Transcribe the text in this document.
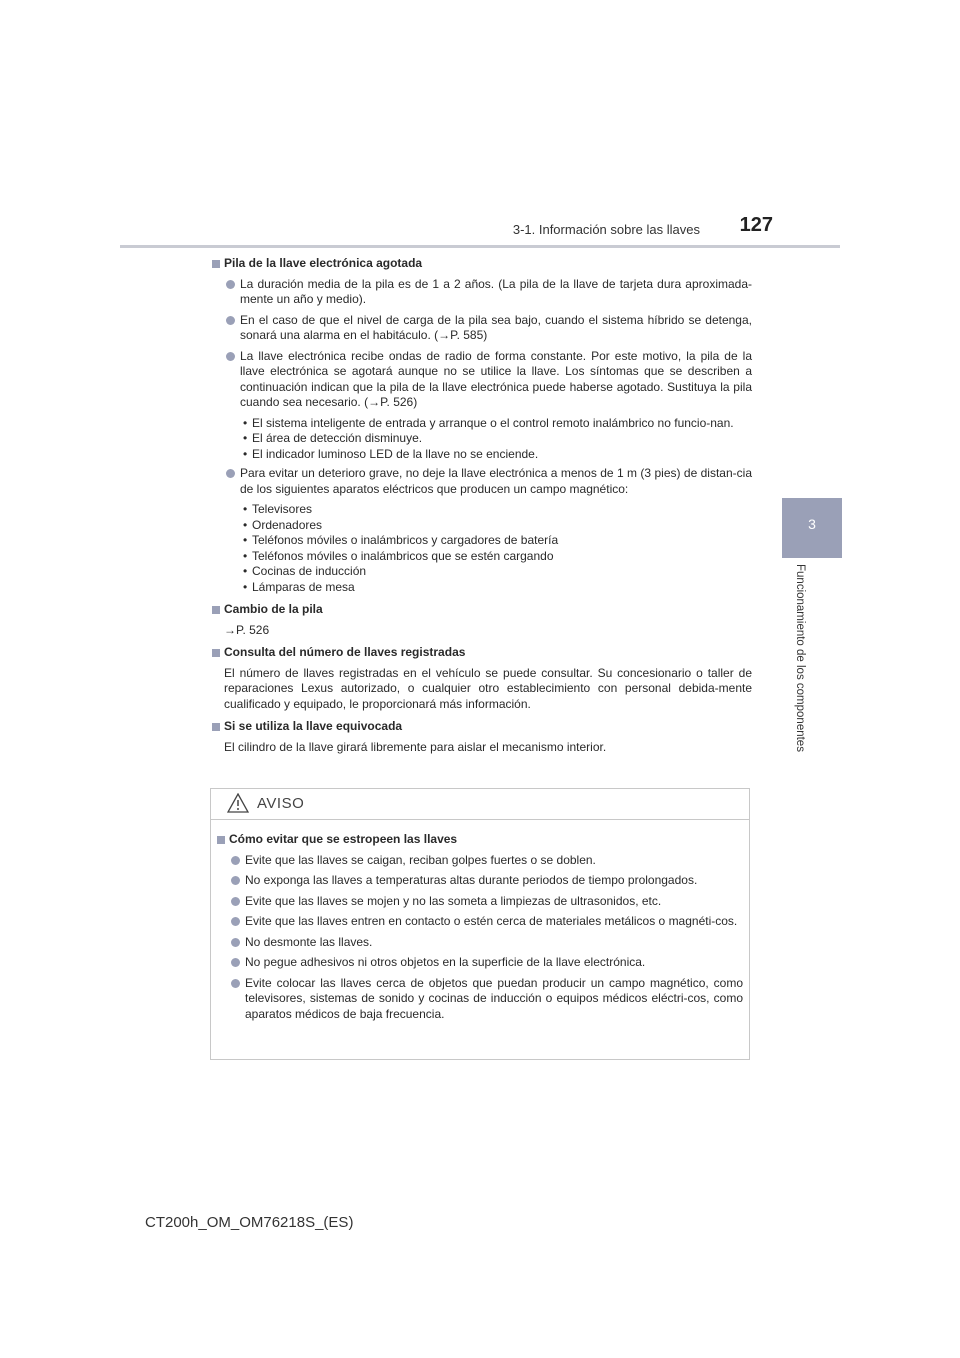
3-1. Información sobre las llaves 127
3
Funcionamiento de los componentes
Pila de la llave electrónica agotada
La duración media de la pila es de 1 a 2 años. (La pila de la llave de tarjeta dura aproximada-mente un año y medio).
En el caso de que el nivel de carga de la pila sea bajo, cuando el sistema híbrido se detenga, sonará una alarma en el habitáculo. (→P. 585)
La llave electrónica recibe ondas de radio de forma constante. Por este motivo, la pila de la llave electrónica se agotará aunque no se utilice la llave. Los síntomas que se describen a continuación indican que la pila de la llave electrónica puede haberse agotado. Sustituya la pila cuando sea necesario. (→P. 526)
• El sistema inteligente de entrada y arranque o el control remoto inalámbrico no funcio-nan.
• El área de detección disminuye.
• El indicador luminoso LED de la llave no se enciende.
Para evitar un deterioro grave, no deje la llave electrónica a menos de 1 m (3 pies) de distan-cia de los siguientes aparatos eléctricos que producen un campo magnético:
• Televisores
• Ordenadores
• Teléfonos móviles o inalámbricos y cargadores de batería
• Teléfonos móviles o inalámbricos que se estén cargando
• Cocinas de inducción
• Lámparas de mesa
Cambio de la pila
→P. 526
Consulta del número de llaves registradas
El número de llaves registradas en el vehículo se puede consultar. Su concesionario o taller de reparaciones Lexus autorizado, o cualquier otro establecimiento con personal debida-mente cualificado y equipado, le proporcionará más información.
Si se utiliza la llave equivocada
El cilindro de la llave girará libremente para aislar el mecanismo interior.
AVISO
Cómo evitar que se estropeen las llaves
Evite que las llaves se caigan, reciban golpes fuertes o se doblen.
No exponga las llaves a temperaturas altas durante periodos de tiempo prolongados.
Evite que las llaves se mojen y no las someta a limpiezas de ultrasonidos, etc.
Evite que las llaves entren en contacto o estén cerca de materiales metálicos o magnéti-cos.
No desmonte las llaves.
No pegue adhesivos ni otros objetos en la superficie de la llave electrónica.
Evite colocar las llaves cerca de objetos que puedan producir un campo magnético, como televisores, sistemas de sonido y cocinas de inducción o equipos médicos eléctri-cos, como aparatos médicos de baja frecuencia.
CT200h_OM_OM76218S_(ES)
